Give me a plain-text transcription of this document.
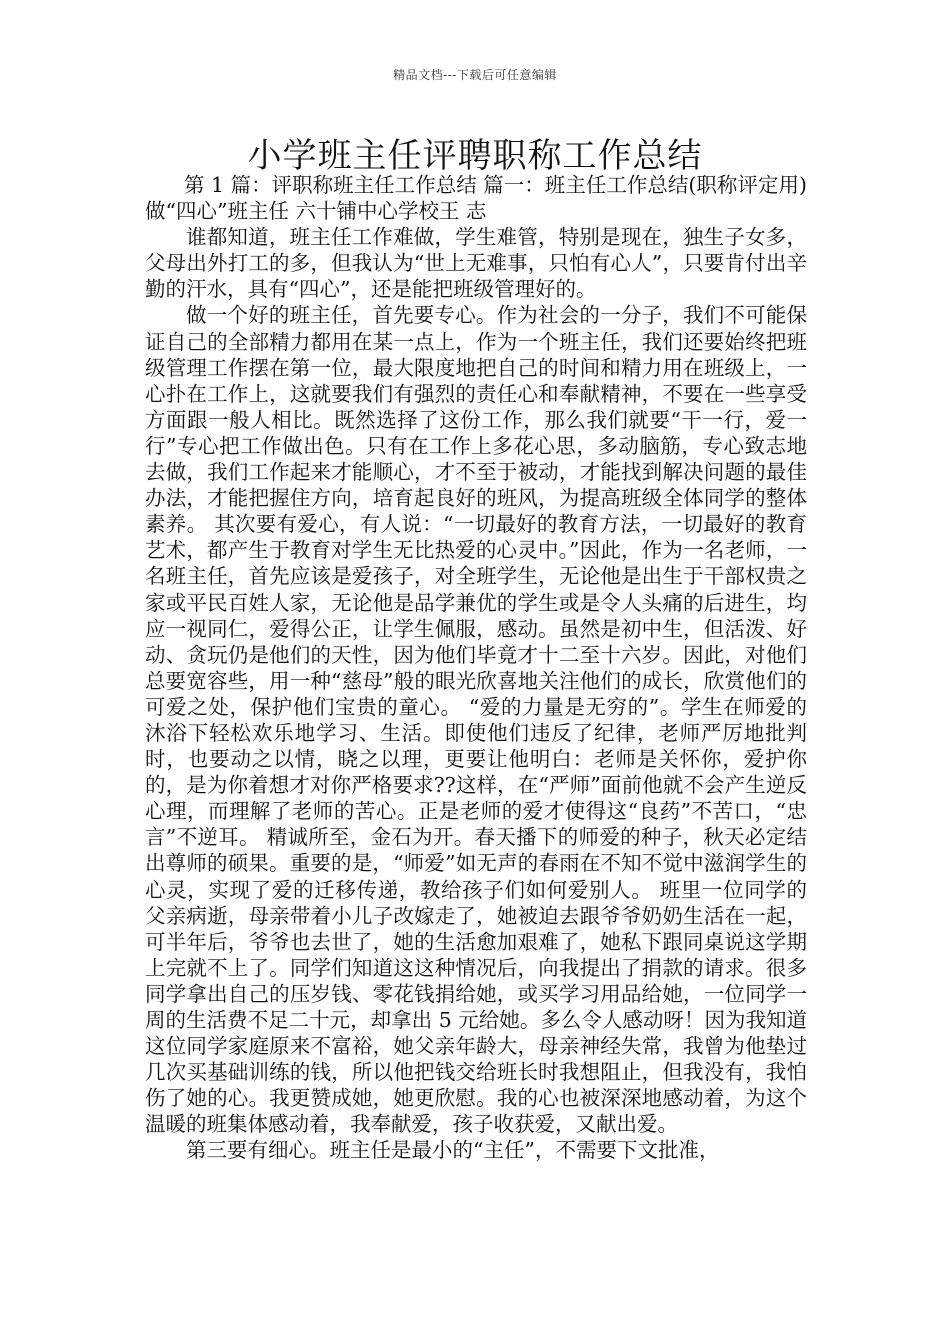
精品文档---下载后可任意编辑
小学班主任评聘职称工作总结

第 1 篇：评职称班主任工作总结 篇一：班主任工作总结(职称评定用)做“四心”班主任 六十铺中心学校王 志

谁都知道，班主任工作难做，学生难管，特别是现在，独生子女多，父母出外打工的多，但我认为“世上无难事，只怕有心人”，只要肯付出辛勤的汗水，具有“四心”，还是能把班级管理好的。

做一个好的班主任，首先要专心。作为社会的一分子，我们不可能保证自己的全部精力都用在某一点上，作为一个班主任，我们还要始终把班级管理工作摆在第一位，最大限度地把自己的时间和精力用在班级上，一心扑在工作上，这就要我们有强烈的责任心和奉献精神，不要在一些享受方面跟一般人相比。既然选择了这份工作，那么我们就要“干一行，爱一行”专心把工作做出色。只有在工作上多花心思，多动脑筋，专心致志地去做，我们工作起来才能顺心，才不至于被动，才能找到解决问题的最佳办法，才能把握住方向，培育起良好的班风，为提高班级全体同学的整体素养。 其次要有爱心，有人说：“一切最好的教育方法，一切最好的教育艺术，都产生于教育对学生无比热爱的心灵中。”因此，作为一名老师，一名班主任，首先应该是爱孩子，对全班学生，无论他是出生于干部权贵之家或平民百姓人家，无论他是品学兼优的学生或是令人头痛的后进生，均应一视同仁，爱得公正，让学生佩服，感动。虽然是初中生，但活泼、好动、贪玩仍是他们的天性，因为他们毕竟才十二至十六岁。因此，对他们总要宽容些，用一种“慈母”般的眼光欣喜地关注他们的成长，欣赏他们的可爱之处，保护他们宝贵的童心。 “爱的力量是无穷的”。学生在师爱的沐浴下轻松欢乐地学习、生活。即使他们违反了纪律，老师严厉地批判时，也要动之以情，晓之以理，更要让他明白：老师是关怀你，爱护你的，是为你着想才对你严格要求??这样，在“严师”面前他就不会产生逆反心理，而理解了老师的苦心。正是老师的爱才使得这“良药”不苦口，“忠言”不逆耳。 精诚所至，金石为开。春天播下的师爱的种子，秋天必定结出尊师的硕果。重要的是，“师爱”如无声的春雨在不知不觉中滋润学生的心灵，实现了爱的迁移传递，教给孩子们如何爱别人。 班里一位同学的父亲病逝，母亲带着小儿子改嫁走了，她被迫去跟爷爷奶奶生活在一起，可半年后，爷爷也去世了，她的生活愈加艰难了，她私下跟同桌说这学期上完就不上了。同学们知道这这种情况后，向我提出了捐款的请求。很多同学拿出自己的压岁钱、零花钱捐给她，或买学习用品给她，一位同学一周的生活费不足二十元，却拿出 5 元给她。多么令人感动呀！因为我知道这位同学家庭原来不富裕，她父亲年龄大，母亲神经失常，我曾为他垫过几次买基础训练的钱，所以他把钱交给班长时我想阻止，但我没有，我怕伤了她的心。我更赞成她，她更欣慰。我的心也被深深地感动着，为这个温暖的班集体感动着，我奉献爱，孩子收获爱，又献出爱。

第三要有细心。班主任是最小的“主任”，不需要下文批准，
